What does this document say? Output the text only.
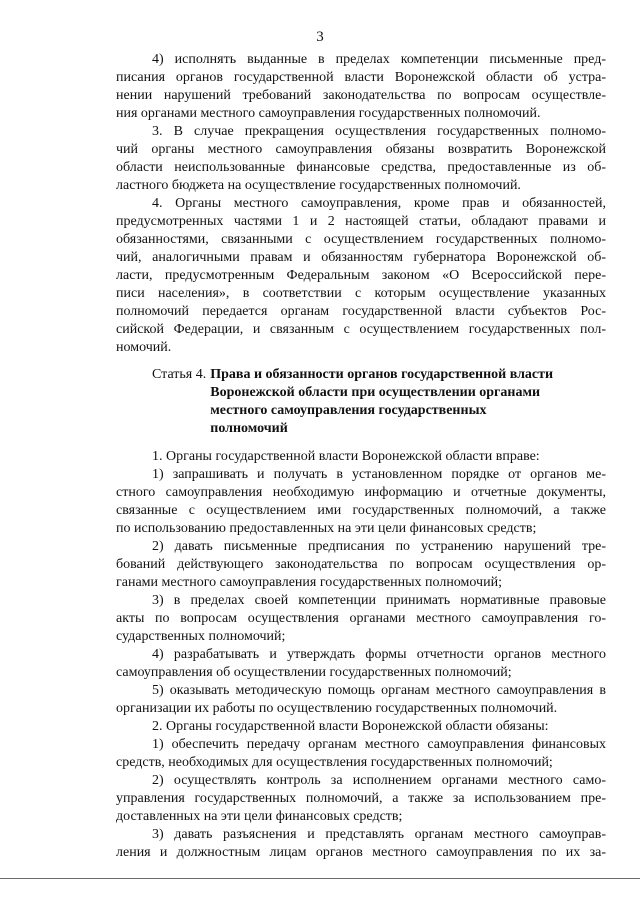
3
4) исполнять выданные в пределах компетенции письменные пред-
писания органов государственной власти Воронежской области об устра-
нении нарушений требований законодательства по вопросам осуществле-
ния органами местного самоуправления государственных полномочий.
3. В случае прекращения осуществления государственных полномо-
чий органы местного самоуправления обязаны возвратить Воронежской
области неиспользованные финансовые средства, предоставленные из об-
ластного бюджета на осуществление государственных полномочий.
4. Органы местного самоуправления, кроме прав и обязанностей,
предусмотренных частями 1 и 2 настоящей статьи, обладают правами и
обязанностями, связанными с осуществлением государственных полномо-
чий, аналогичными правам и обязанностям губернатора Воронежской об-
ласти, предусмотренным Федеральным законом «О Всероссийской пере-
писи населения», в соответствии с которым осуществление указанных
полномочий передается органам государственной власти субъектов Рос-
сийской Федерации, и связанным с осуществлением государственных пол-
номочий.
Статья 4. Права и обязанности органов государственной власти
Воронежской области при осуществлении органами
местного самоуправления государственных
полномочий
1. Органы государственной власти Воронежской области вправе:
1) запрашивать и получать в установленном порядке от органов ме-
стного самоуправления необходимую информацию и отчетные документы,
связанные с осуществлением ими государственных полномочий, а также
по использованию предоставленных на эти цели финансовых средств;
2) давать письменные предписания по устранению нарушений тре-
бований действующего законодательства по вопросам осуществления ор-
ганами местного самоуправления государственных полномочий;
3) в пределах своей компетенции принимать нормативные правовые
акты по вопросам осуществления органами местного самоуправления го-
сударственных полномочий;
4) разрабатывать и утверждать формы отчетности органов местного
самоуправления об осуществлении государственных полномочий;
5) оказывать методическую помощь органам местного самоуправления в
организации их работы по осуществлению государственных полномочий.
2. Органы государственной власти Воронежской области обязаны:
1) обеспечить передачу органам местного самоуправления финансовых
средств, необходимых для осуществления государственных полномочий;
2) осуществлять контроль за исполнением органами местного само-
управления государственных полномочий, а также за использованием пре-
доставленных на эти цели финансовых средств;
3) давать разъяснения и представлять органам местного самоупрaв-
ления и должностным лицам органов местного самоуправления по их за-
